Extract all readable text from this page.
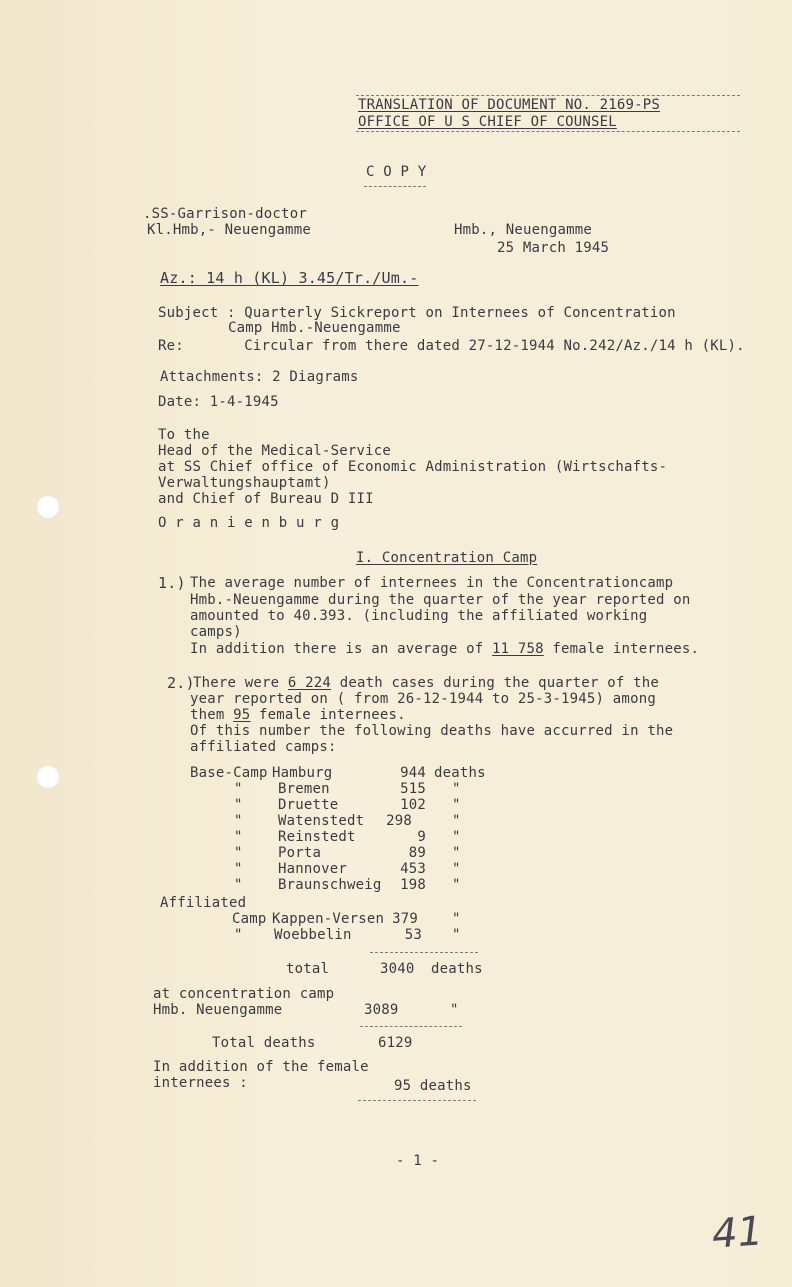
TRANSLATION OF DOCUMENT NO. 2169-PS
OFFICE OF U S CHIEF OF COUNSEL
C O P Y
.SS-Garrison-doctor
Kl.Hmb,- Neuengamme	Hmb., Neuengamme
25 March 1945
Az.: 14 h (KL) 3.45/Tr./Um.-
Subject : Quarterly Sickreport on Internees of Concentration
Camp Hmb.-Neuengamme
Re:       Circular from there dated 27-12-1944 No.242/Az./14 h (KL).
Attachments: 2 Diagrams
Date: 1-4-1945
To the
Head of the Medical-Service
at SS Chief office of Economic Administration (Wirtschafts-
Verwaltungshauptamt)
and Chief of Bureau D III
O r a n i e n b u r g
I. Concentration Camp
1.) The average number of internees in the Concentrationcamp
Hmb.-Neuengamme during the quarter of the year reported on
amounted to 40.393. (including the affiliated working
camps)
In addition there is an average of 11 758 female internees.
2.)
There were 6 224 death cases during the quarter of the
year reported on ( from 26-12-1944 to 25-3-1945) among
them 95 female internees.
Of this number the following deaths have accurred in the
affiliated camps:
Base-Camp Hamburg	944 deaths
"	Bremen	515 "
"	Druette	102 "
"	Watenstedt	298	"
"	Reinstedt	9 "
"	Porta	89 "
"	Hannover	453 "
"	Braunschweig	198 "
Affiliated
Camp Kappen-Versen 379 "
" Woebbelin	53 "
total	3040 deaths
at concentration camp
Hmb. Neuengamme	3089	"
Total deaths	6129
In addition of the female
internees :	95 deaths
- 1 -
41
